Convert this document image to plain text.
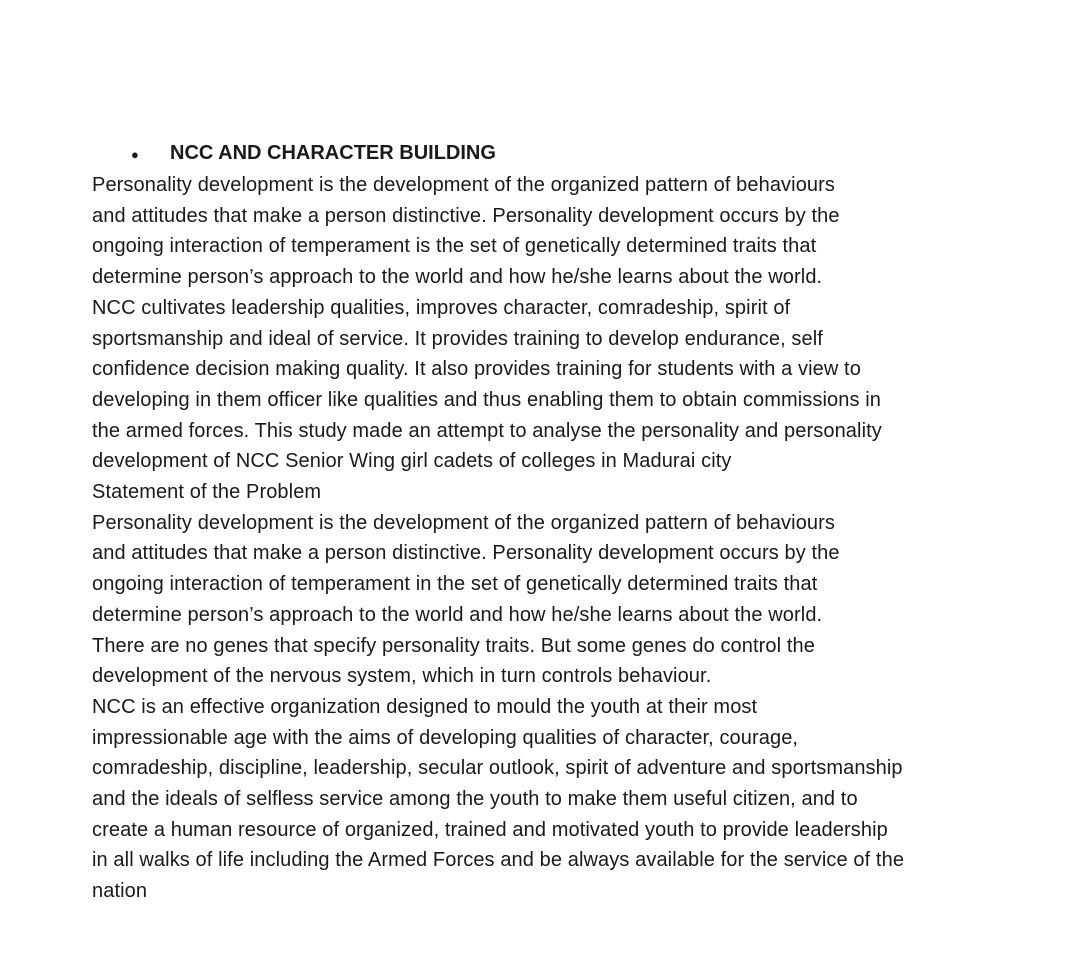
●	NCC AND CHARACTER BUILDING
Personality development is the development of the organized pattern of behaviours
and attitudes that make a person distinctive. Personality development occurs by the
ongoing interaction of temperament is the set of genetically determined traits that
determine person’s approach to the world and how he/she learns about the world.
NCC cultivates leadership qualities, improves character, comradeship, spirit of
sportsmanship and ideal of service. It provides training to develop endurance, self
confidence decision making quality. It also provides training for students with a view to
developing in them officer like qualities and thus enabling them to obtain commissions in
the armed forces. This study made an attempt to analyse the personality and personality
development of NCC Senior Wing girl cadets of colleges in Madurai city
Statement of the Problem
Personality development is the development of the organized pattern of behaviours
and attitudes that make a person distinctive. Personality development occurs by the
ongoing interaction of temperament in the set of genetically determined traits that
determine person’s approach to the world and how he/she learns about the world.
There are no genes that specify personality traits. But some genes do control the
development of the nervous system, which in turn controls behaviour.
NCC is an effective organization designed to mould the youth at their most
impressionable age with the aims of developing qualities of character, courage,
comradeship, discipline, leadership, secular outlook, spirit of adventure and sportsmanship
and the ideals of selfless service among the youth to make them useful citizen, and to
create a human resource of organized, trained and motivated youth to provide leadership
in all walks of life including the Armed Forces and be always available for the service of the
nation
